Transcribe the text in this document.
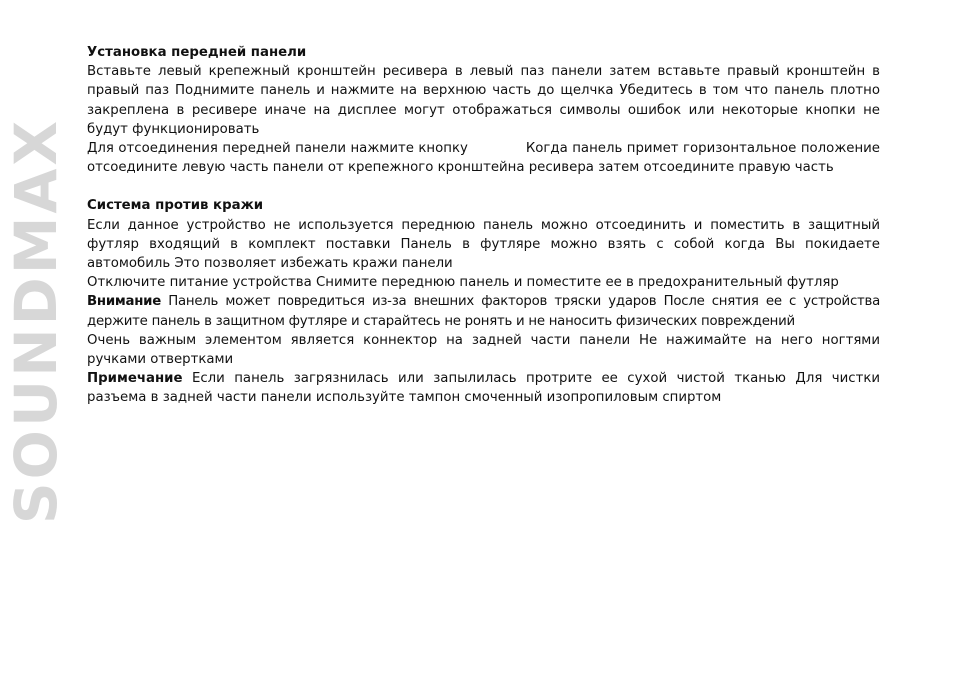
SOUNDMAX

Установка передней панели

Вставьте левый крепежный кронштейн ресивера в левый паз панели затем вставьте правый кронштейн в правый паз Поднимите панель и нажмите на верхнюю часть до щелчка Убедитесь в том что панель плотно закреплена в ресивере иначе на дисплее могут отображаться символы ошибок или некоторые кнопки не будут функционировать

Для отсоединения передней панели нажмите кнопку	Когда панель примет горизонтальное положение отсоедините левую часть панели от крепежного кронштейна ресивера затем отсоедините правую часть

Система против кражи

Если данное устройство не используется переднюю панель можно отсоединить и поместить в защитный футляр входящий в комплект поставки Панель в футляре можно взять с собой когда Вы покидаете автомобиль Это позволяет избежать кражи панели

Отключите питание устройства Снимите переднюю панель и поместите ее в предохранительный футляр

Внимание Панель может повредиться из-за внешних факторов тряски ударов После снятия ее с устройства держите панель в защитном футляре и старайтесь не ронять и не наносить физических повреждений

Очень важным элементом является коннектор на задней части панели Не нажимайте на него ногтями ручками отвертками

Примечание Если панель загрязнилась или запылилась протрите ее сухой чистой тканью Для чистки разъема в задней части панели используйте тампон смоченный изопропиловым спиртом
